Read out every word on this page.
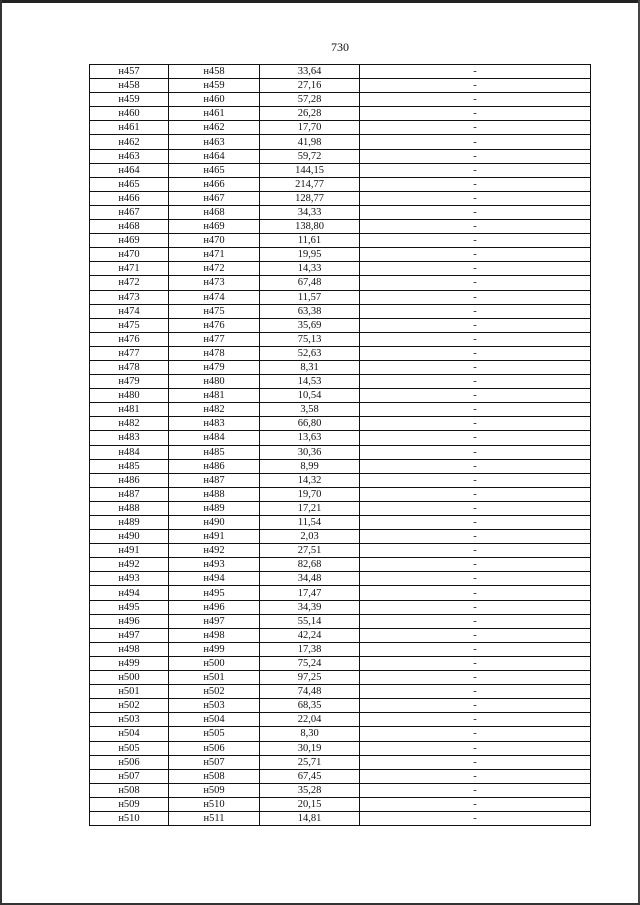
730
н457	н458	33,64	-
н458	н459	27,16	-
н459	н460	57,28	-
н460	н461	26,28	-
н461	н462	17,70	-
н462	н463	41,98	-
н463	н464	59,72	-
н464	н465	144,15	-
н465	н466	214,77	-
н466	н467	128,77	-
н467	н468	34,33	-
н468	н469	138,80	-
н469	н470	11,61	-
н470	н471	19,95	-
н471	н472	14,33	-
н472	н473	67,48	-
н473	н474	11,57	-
н474	н475	63,38	-
н475	н476	35,69	-
н476	н477	75,13	-
н477	н478	52,63	-
н478	н479	8,31	-
н479	н480	14,53	-
н480	н481	10,54	-
н481	н482	3,58	-
н482	н483	66,80	-
н483	н484	13,63	-
н484	н485	30,36	-
н485	н486	8,99	-
н486	н487	14,32	-
н487	н488	19,70	-
н488	н489	17,21	-
н489	н490	11,54	-
н490	н491	2,03	-
н491	н492	27,51	-
н492	н493	82,68	-
н493	н494	34,48	-
н494	н495	17,47	-
н495	н496	34,39	-
н496	н497	55,14	-
н497	н498	42,24	-
н498	н499	17,38	-
н499	н500	75,24	-
н500	н501	97,25	-
н501	н502	74,48	-
н502	н503	68,35	-
н503	н504	22,04	-
н504	н505	8,30	-
н505	н506	30,19	-
н506	н507	25,71	-
н507	н508	67,45	-
н508	н509	35,28	-
н509	н510	20,15	-
н510	н511	14,81	-
